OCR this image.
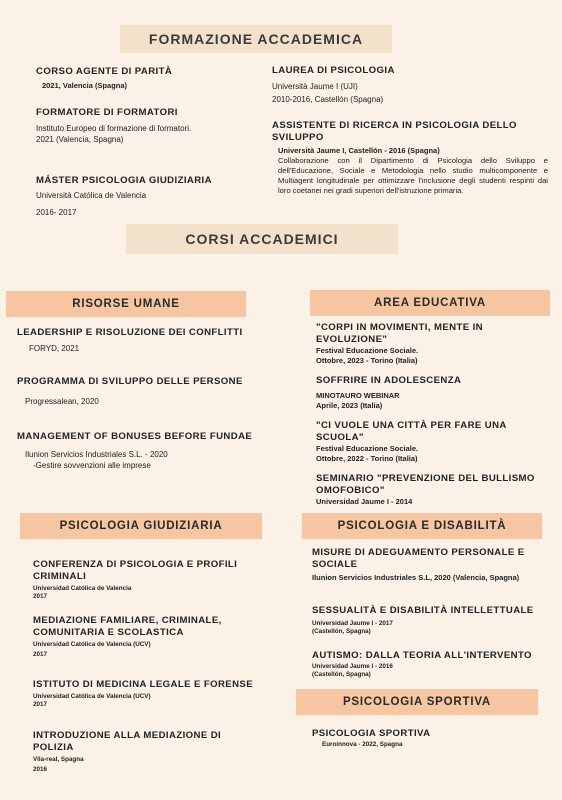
FORMAZIONE ACCADEMICA

CORSO AGENTE DI PARITÀ

2021, Valencia (Spagna)

FORMATORE DI FORMATORI

Instituto Europeo di formazione di formatori.

2021 (Valencia, Spagna)

MÁSTER PSICOLOGIA GIUDIZIARIA

Università Católica de Valencia

2016- 2017

LAUREA DI PSICOLOGIA

Università Jaume I (UJI)

2010-2016, Castellón (Spagna)

ASSISTENTE DI RICERCA IN PSICOLOGIA DELLO SVILUPPO

Università Jaume I, Castellón - 2016 (Spagna)

Collaborazione con il Dipartimento di Psicologia dello Sviluppo e dell'Educazione, Sociale e Metodologia nello studio multicomponente e Multiagent longitudinale per ottimizzare l'inclusione degli studenti respinti dai loro coetanei nei gradi superiori dell'istruzione primaria.

CORSI ACCADEMICI
RISORSE UMANE

LEADERSHIP E RISOLUZIONE DEI CONFLITTI

FORYD, 2021

PROGRAMMA DI SVILUPPO DELLE PERSONE

Progressalean, 2020

MANAGEMENT OF BONUSES BEFORE FUNDAE

Ilunion Servicios Industriales S.L. - 2020

-Gestire sovvenzioni alle imprese

AREA EDUCATIVA

"CORPI IN MOVIMENTI, MENTE IN EVOLUZIONE"

Festival Educazione Sociale.

Ottobre, 2023 - Torino (Italia)

SOFFRIRE IN ADOLESCENZA

MINOTAURO WEBINAR

Aprile, 2023 (Italia)

"CI VUOLE UNA CITTÀ PER FARE UNA SCUOLA"

Festival Educazione Sociale.

Ottobre, 2022 - Torino (Italia)

SEMINARIO "PREVENZIONE DEL BULLISMO OMOFOBICO"

Universidad Jaume I - 2014

PSICOLOGIA GIUDIZIARIA

CONFERENZA DI PSICOLOGIA E PROFILI CRIMINALI

Universidad Católica de Valencia

2017

MEDIAZIONE FAMILIARE, CRIMINALE, COMUNITARIA E SCOLASTICA

Universidad Católica de Valencia (UCV)

2017

ISTITUTO DI MEDICINA LEGALE E FORENSE

Universidad Católica de Valencia (UCV)

2017

INTRODUZIONE ALLA MEDIAZIONE DI POLIZIA

Vila-real, Spagna

2016

PSICOLOGIA E DISABILITÀ

MISURE DI ADEGUAMENTO PERSONALE E SOCIALE

Ilunion Servicios Industriales S.L, 2020 (Valencia, Spagna)

SESSUALITÀ E DISABILITÀ INTELLETTUALE

Universidad Jaume I - 2017

(Castellón, Spagna)

AUTISMO: DALLA TEORIA ALL'INTERVENTO

Universidad Jaume I - 2016

(Castellón, Spagna)

PSICOLOGIA SPORTIVA

PSICOLOGIA SPORTIVA

Euroinnova - 2022, Spagna
